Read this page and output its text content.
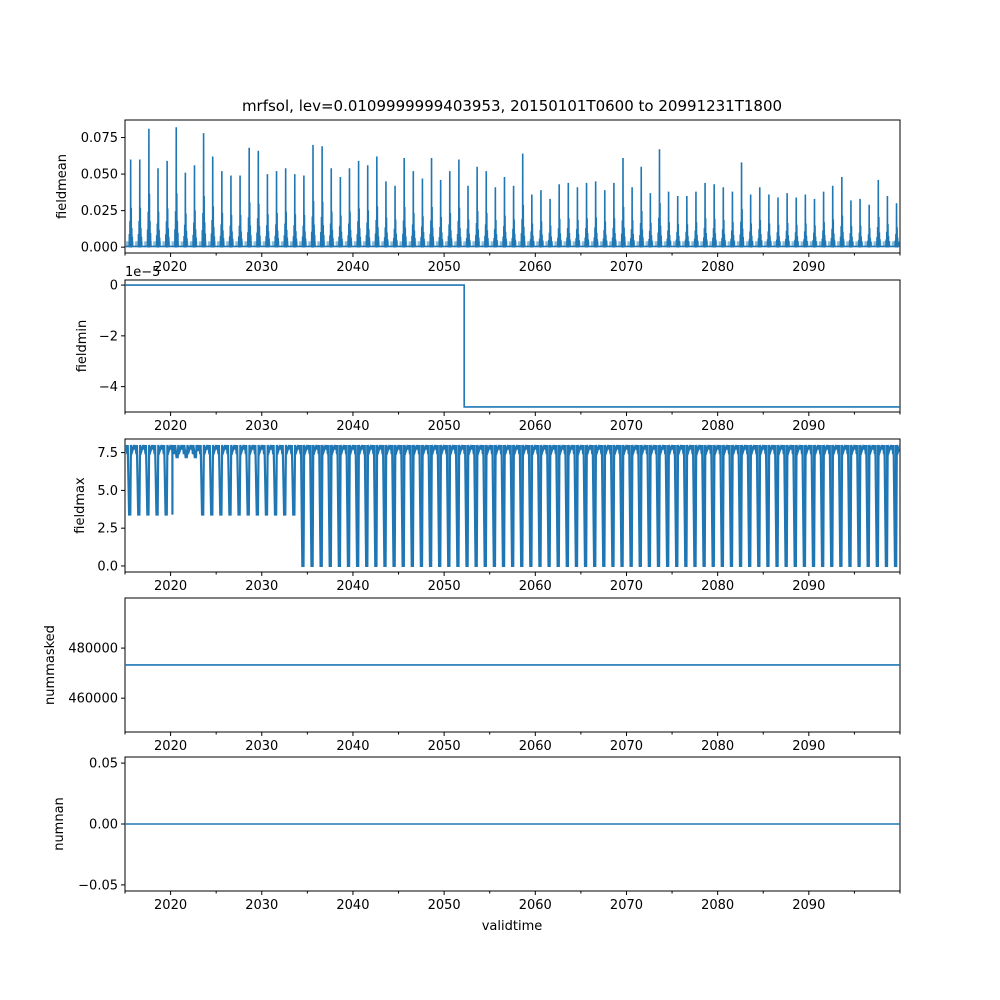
mrfsol, lev=0.0109999999403953, 20150101T0600 to 20991231T1800
0.000
0.025
0.050
0.075
2020	2030	2040	2050	2060	2070	2080	2090
fieldmean
0
−2
−4
2020	2030	2040	2050	2060	2070	2080	2090
fieldmin
1e−5
0.0
2.5
5.0
7.5
2020	2030	2040	2050	2060	2070	2080	2090
fieldmax
460000
480000
2020	2030	2040	2050	2060	2070	2080	2090
nummasked
−0.05
0.00
0.05
2020	2030	2040	2050	2060	2070	2080	2090
numnan
validtime
